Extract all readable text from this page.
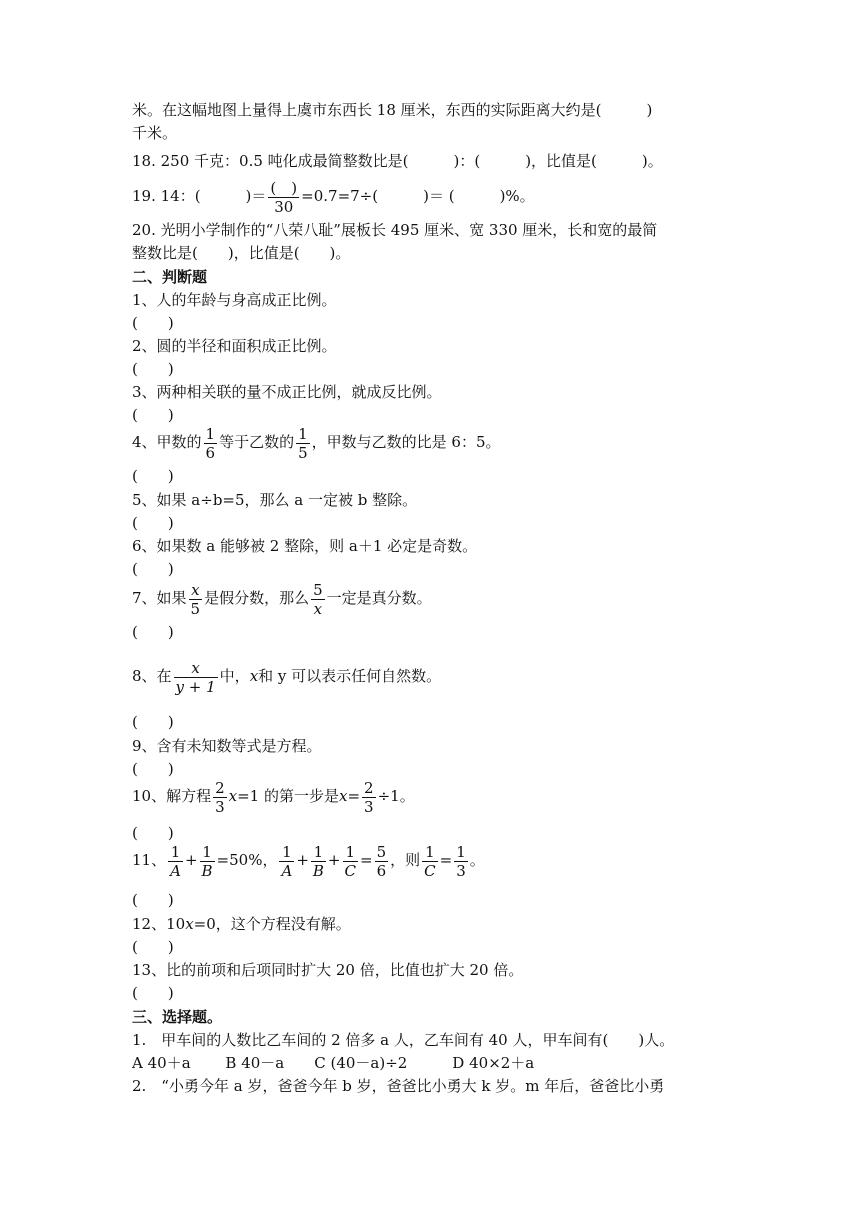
米。在这幅地图上量得上虞市东西长 18 厘米，东西的实际距离大约是(　　　)
千米。
18. 250 千克：0.5 吨化成最简整数比是(　　　)：(　　　)，比值是(　　　)。
19. 14：(　　　)＝ $\frac{( )}{30} =0.7=7\div$(　　　)＝ (　　　)%。
20. 光明小学制作的“八荣八耻”展板长 495 厘米、宽 330 厘米，长和宽的最简
整数比是(　　)，比值是(　　)。
二、判断题
1、人的年龄与身高成正比例。
(　　)
2、圆的半径和面积成正比例。
(　　)
3、两种相关联的量不成正比例，就成反比例。
(　　)
4、甲数的 $\frac{1}{6}$ 等于乙数的 $\frac{1}{5}$ ，甲数与乙数的比是 6：5。
(　　)
5、如果 a÷b=5，那么 a 一定被 b 整除。
(　　)
6、如果数 a 能够被 2 整除，则 a＋1 必定是奇数。
(　　)
7、如果 $\frac{x}{5}$ 是假分数，那么 $\frac{5}{x}$ 一定是真分数。
(　　)
8、在 $\frac{x}{y + 1}$ 中，x和 y 可以表示任何自然数。
(　　)
9、含有未知数等式是方程。
(　　)
10、解方程 $\frac{2}{3} x=1$ 的第一步是$x= \frac{2}{3} \div 1$。
(　　)
11、 $\frac{1}{A} + \frac{1}{B} =50\%$， $\frac{1}{A} + \frac{1}{B} + \frac{1}{C} = \frac{5}{6}$ ，则 $\frac{1}{C} = \frac{1}{3}$ 。
(　　)
12、10x=0，这个方程没有解。
(　　)
13、比的前项和后项同时扩大 20 倍，比值也扩大 20 倍。
(　　)
三、选择题。
1.　甲车间的人数比乙车间的 2 倍多 a 人，乙车间有 40 人，甲车间有(　　)人。
A 40＋a　　 B 40－a　　C (40－a)÷2　　　D 40×2＋a
2.　“小勇今年 a 岁，爸爸今年 b 岁，爸爸比小勇大 k 岁。m 年后，爸爸比小勇
